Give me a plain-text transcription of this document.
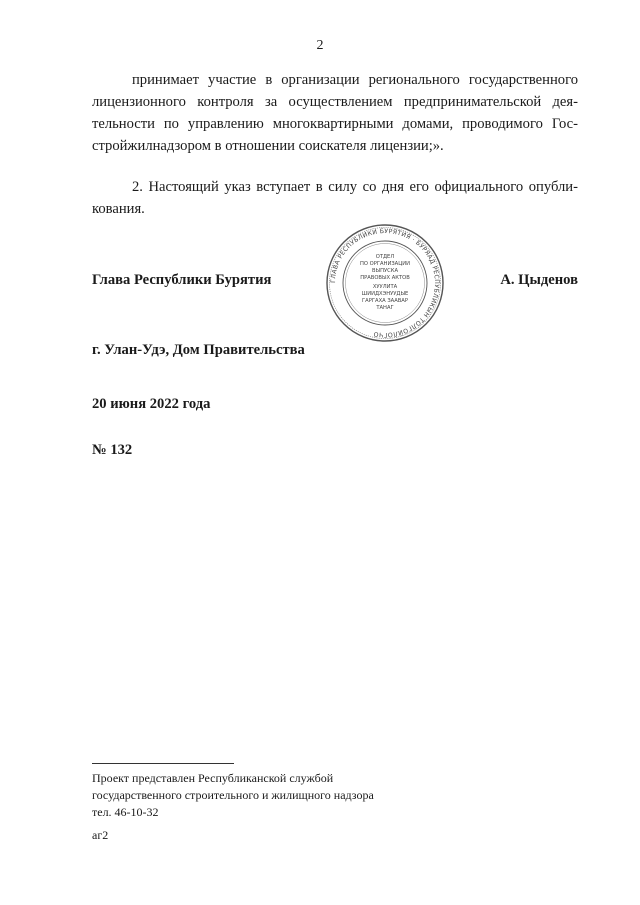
2

принимает участие в организации регионального государственного лицензионного контроля за осуществлением предпринимательской деятельности по управлению многоквартирными домами, проводимого Госстройжилнадзором в отношении соискателя лицензии;».

2. Настоящий указ вступает в силу со дня его официального опубликования.

Глава Республики Бурятия	ГЛАВА РЕСПУБЛИКИ БУРЯТИЯ · БУРЯАД РЕСПУБЛИКЫН ТОЛГОЙЛОГЧО
ОТДЕЛ
ПО ОРГАНИЗАЦИИ
ВЫПУСКА
ПРАВОВЫХ АКТОВ
ХУУЛИТА
ШИИДХЭНУУДЫЕ
ГАРГАХА ЗААВАР
ТАНАГ
А. Цыденов
г. Улан-Удэ, Дом Правительства
20 июня 2022 года
№ 132
Проект представлен Республиканской службой
государственного строительного и жилищного надзора
тел. 46-10-32
аг2
